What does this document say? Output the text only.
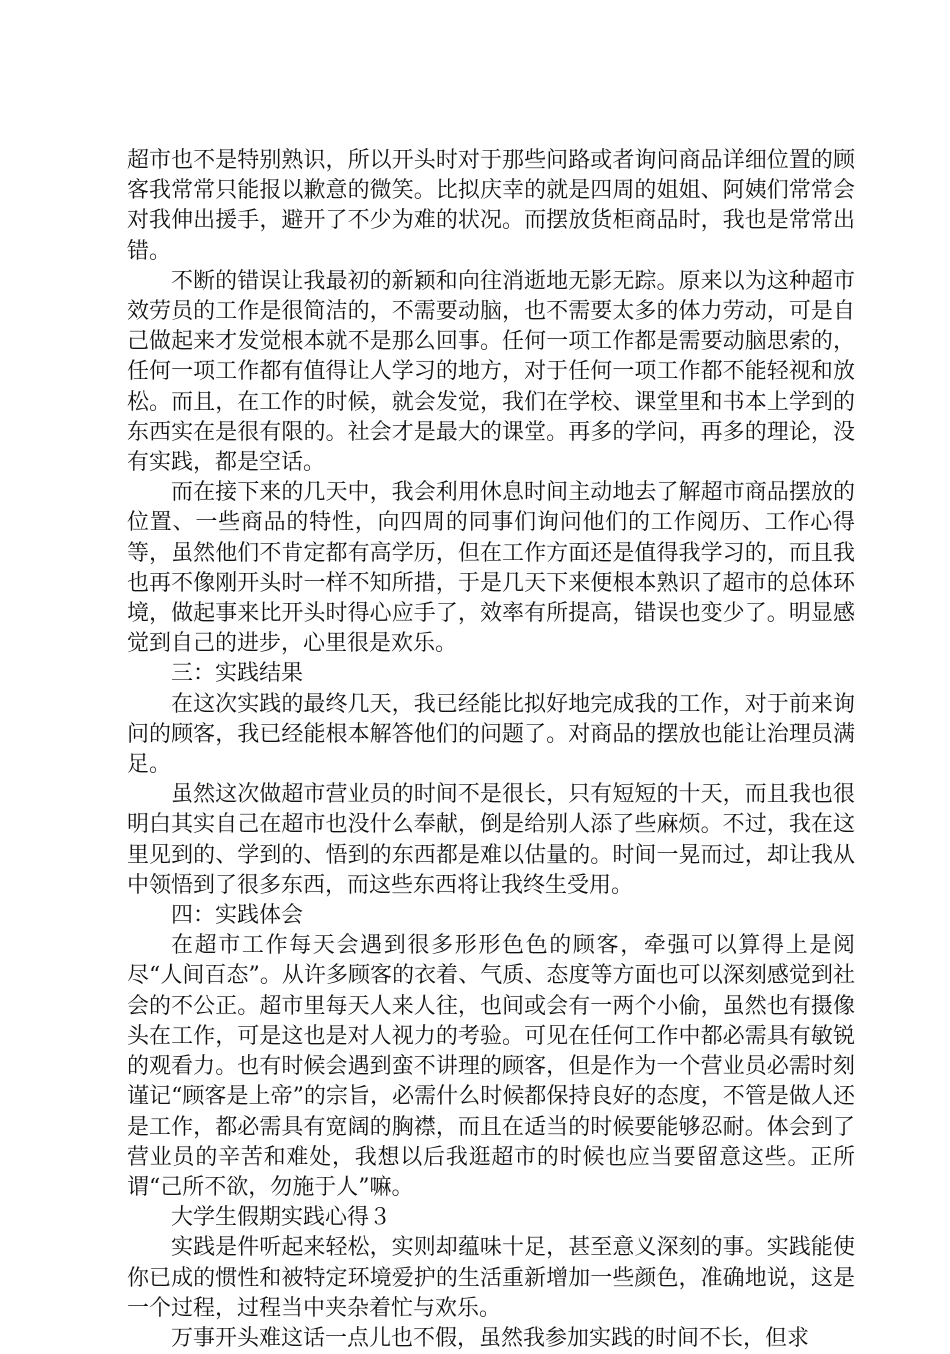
超市也不是特别熟识，所以开头时对于那些问路或者询问商品详细位置的顾客我常常只能报以歉意的微笑。比拟庆幸的就是四周的姐姐、阿姨们常常会对我伸出援手，避开了不少为难的状况。而摆放货柜商品时，我也是常常出错。

不断的错误让我最初的新颖和向往消逝地无影无踪。原来以为这种超市效劳员的工作是很简洁的，不需要动脑，也不需要太多的体力劳动，可是自己做起来才发觉根本就不是那么回事。任何一项工作都是需要动脑思索的，任何一项工作都有值得让人学习的地方，对于任何一项工作都不能轻视和放松。而且，在工作的时候，就会发觉，我们在学校、课堂里和书本上学到的东西实在是很有限的。社会才是最大的课堂。再多的学问，再多的理论，没有实践，都是空话。

而在接下来的几天中，我会利用休息时间主动地去了解超市商品摆放的位置、一些商品的特性，向四周的同事们询问他们的工作阅历、工作心得等，虽然他们不肯定都有高学历，但在工作方面还是值得我学习的，而且我也再不像刚开头时一样不知所措，于是几天下来便根本熟识了超市的总体环境，做起事来比开头时得心应手了，效率有所提高，错误也变少了。明显感觉到自己的进步，心里很是欢乐。

三：实践结果

在这次实践的最终几天，我已经能比拟好地完成我的工作，对于前来询问的顾客，我已经能根本解答他们的问题了。对商品的摆放也能让治理员满足。

虽然这次做超市营业员的时间不是很长，只有短短的十天，而且我也很明白其实自己在超市也没什么奉献，倒是给别人添了些麻烦。不过，我在这里见到的、学到的、悟到的东西都是难以估量的。时间一晃而过，却让我从中领悟到了很多东西，而这些东西将让我终生受用。

四：实践体会

在超市工作每天会遇到很多形形色色的顾客，牵强可以算得上是阅尽“人间百态”。从许多顾客的衣着、气质、态度等方面也可以深刻感觉到社会的不公正。超市里每天人来人往，也间或会有一两个小偷，虽然也有摄像头在工作，可是这也是对人视力的考验。可见在任何工作中都必需具有敏锐的观看力。也有时候会遇到蛮不讲理的顾客，但是作为一个营业员必需时刻谨记“顾客是上帝”的宗旨，必需什么时候都保持良好的态度，不管是做人还是工作，都必需具有宽阔的胸襟，而且在适当的时候要能够忍耐。体会到了营业员的辛苦和难处，我想以后我逛超市的时候也应当要留意这些。正所谓“己所不欲，勿施于人”嘛。

大学生假期实践心得３

实践是件听起来轻松，实则却蕴味十足，甚至意义深刻的事。实践能使你已成的惯性和被特定环境爱护的生活重新增加一些颜色，准确地说，这是一个过程，过程当中夹杂着忙与欢乐。

万事开头难这话一点儿也不假，虽然我参加实践的时间不长，但求
